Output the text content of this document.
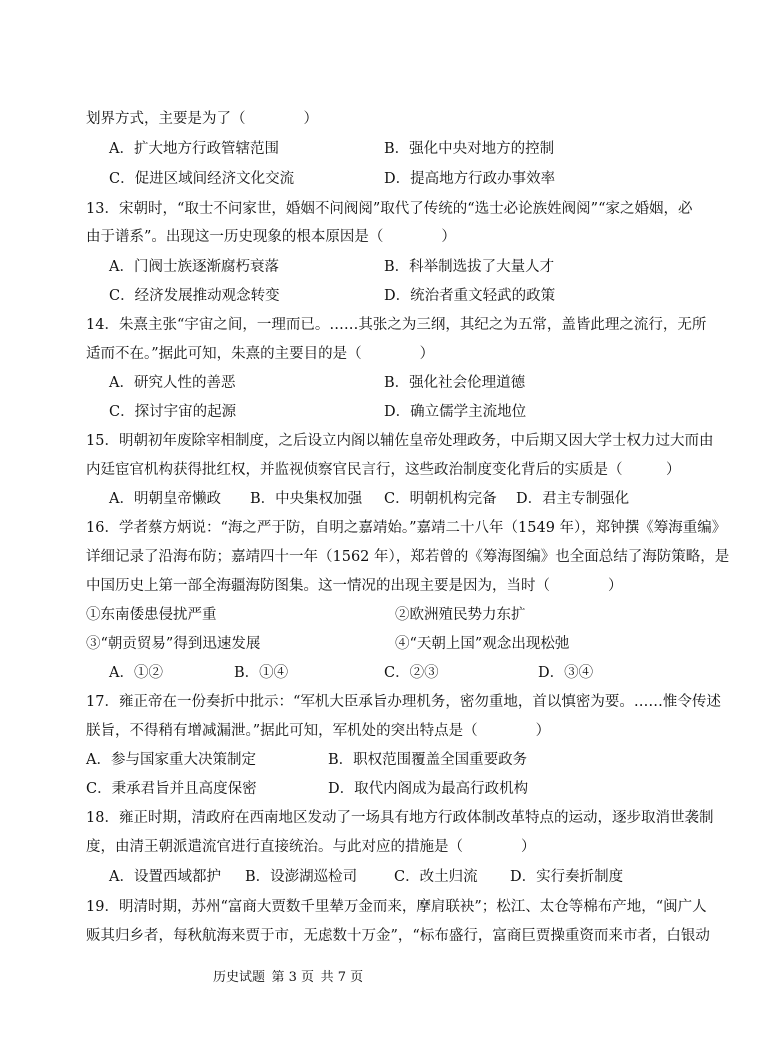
划界方式，主要是为了（　　　　）
A．扩大地方行政管辖范围	B．强化中央对地方的控制
C．促进区域间经济文化交流	D．提高地方行政办事效率
13．宋朝时，“取士不问家世，婚姻不问阀阅”取代了传统的“选士必论族姓阀阅”“家之婚姻，必
由于谱系”。出现这一历史现象的根本原因是（　　　　）
A．门阀士族逐渐腐朽衰落	B．科举制选拔了大量人才
C．经济发展推动观念转变	D．统治者重文轻武的政策
14．朱熹主张“宇宙之间，一理而已。……其张之为三纲，其纪之为五常，盖皆此理之流行，无所
适而不在。”据此可知，朱熹的主要目的是（　　　　）
A．研究人性的善恶	B．强化社会伦理道德
C．探讨宇宙的起源	D．确立儒学主流地位
15．明朝初年废除宰相制度，之后设立内阁以辅佐皇帝处理政务，中后期又因大学士权力过大而由
内廷宦官机构获得批红权，并监视侦察官民言行，这些政治制度变化背后的实质是（　　　）
A．明朝皇帝懒政 B．中央集权加强 C．明朝机构完备 D．君主专制强化
16．学者蔡方炳说：“海之严于防，自明之嘉靖始。”嘉靖二十八年（1549 年），郑钟撰《筹海重编》
详细记录了沿海布防；嘉靖四十一年（1562 年），郑若曾的《筹海图编》也全面总结了海防策略，是
中国历史上第一部全海疆海防图集。这一情况的出现主要是因为，当时（　　　　）
①东南倭患侵扰严重	②欧洲殖民势力东扩
③“朝贡贸易”得到迅速发展	④“天朝上国”观念出现松弛
A．①②	B．①④	C．②③	D．③④
17．雍正帝在一份奏折中批示：“军机大臣承旨办理机务，密勿重地，首以慎密为要。……惟令传述
朕旨，不得稍有增减漏泄。”据此可知，军机处的突出特点是（　　　　）
A．参与国家重大决策制定	B．职权范围覆盖全国重要政务
C．秉承君旨并且高度保密	D．取代内阁成为最高行政机构
18．雍正时期，清政府在西南地区发动了一场具有地方行政体制改革特点的运动，逐步取消世袭制
度，由清王朝派遣流官进行直接统治。与此对应的措施是（　　　　）
A．设置西域都护 B．设澎湖巡检司	C．改土归流 D．实行奏折制度
19．明清时期，苏州“富商大贾数千里辇万金而来，摩肩联袂”；松江、太仓等棉布产地，“闽广人
贩其归乡者，每秋航海来贾于市，无虑数十万金”，“标布盛行，富商巨贾操重资而来市者，白银动
历史试题  第 3 页  共 7 页
